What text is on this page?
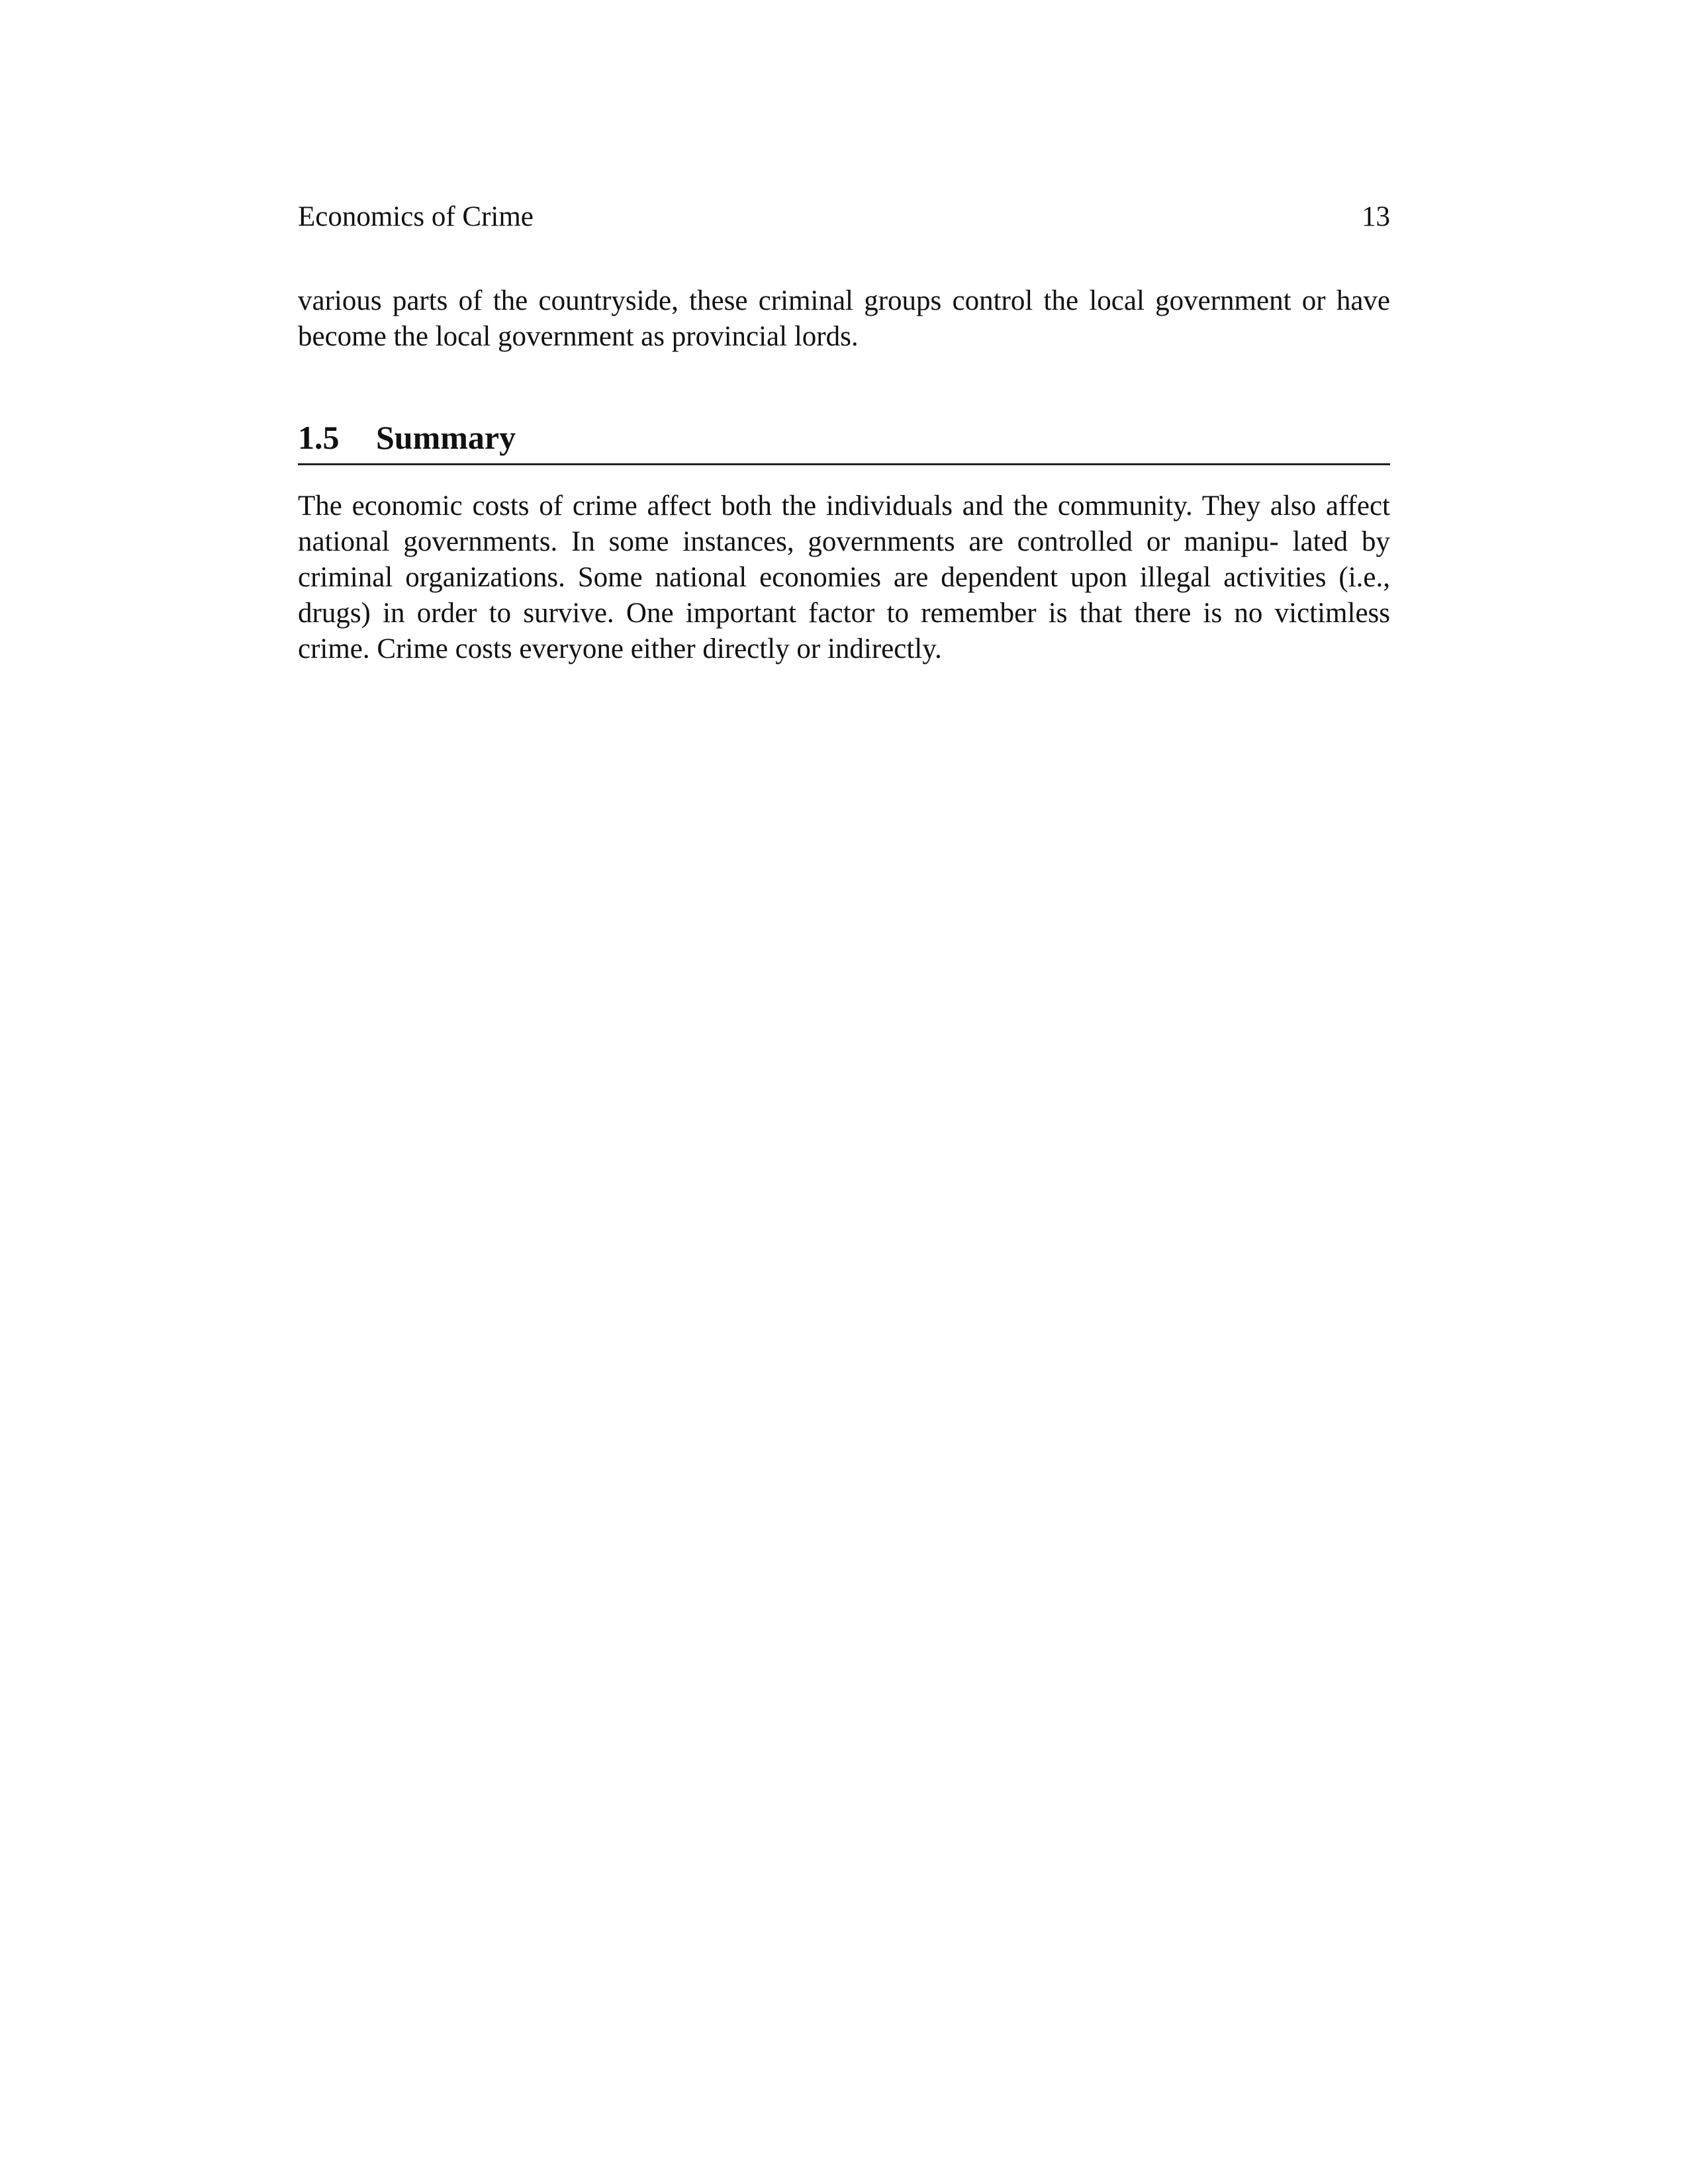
Economics of Crime	13

various parts of the countryside, these criminal groups control the local government or have become the local government as provincial lords.

1.5 Summary

The economic costs of crime affect both the individuals and the community. They also affect national governments. In some instances, governments are controlled or manipu- lated by criminal organizations. Some national economies are dependent upon illegal activities (i.e., drugs) in order to survive. One important factor to remember is that there is no victimless crime. Crime costs everyone either directly or indirectly.
